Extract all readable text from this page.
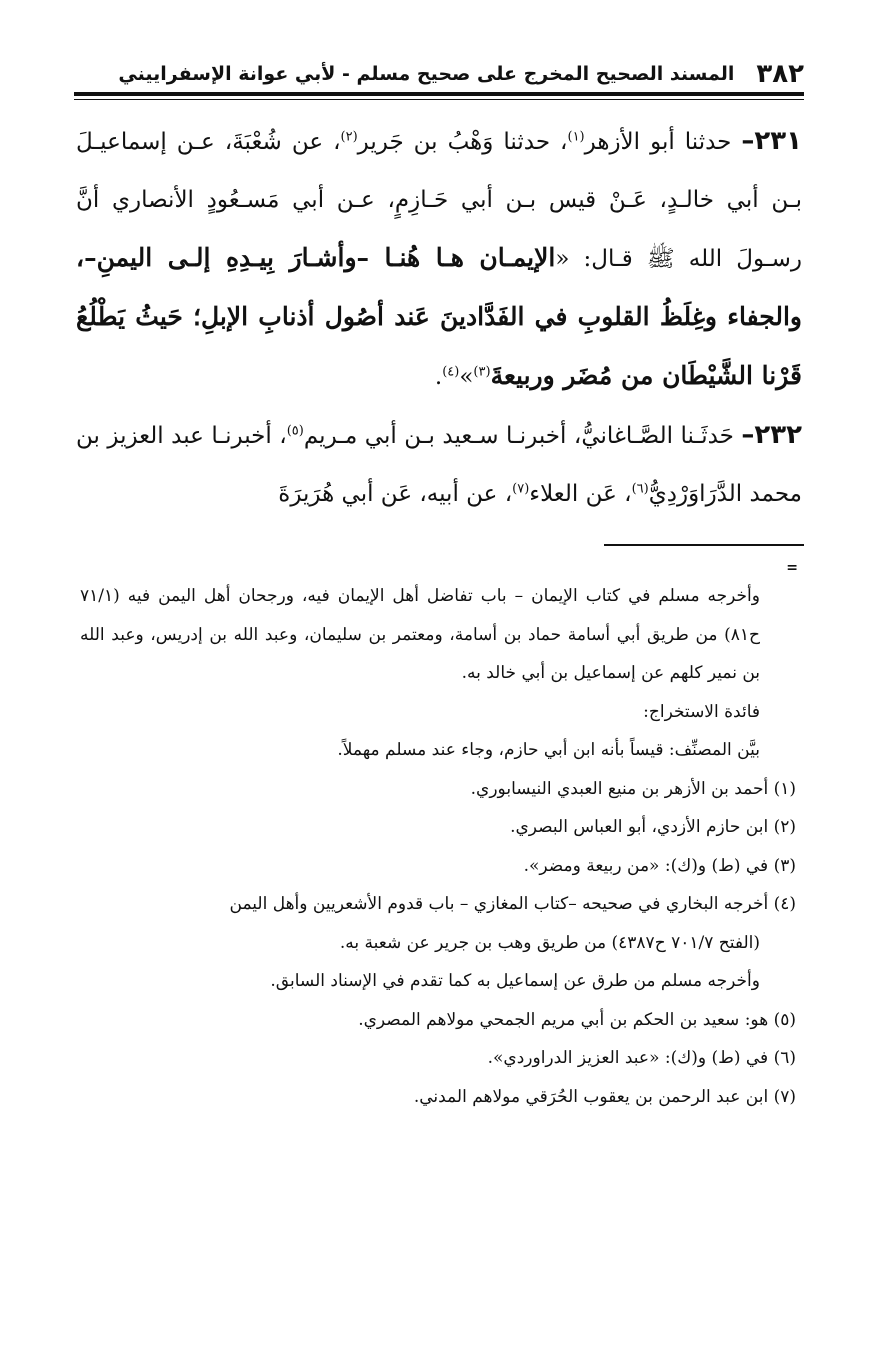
٣٨٢
المسند الصحيح المخرج على صحيح مسلم - لأبي عوانة الإسفراييني

٢٣١– حدثنا أبو الأزهر$^{(١)}$، حدثنا وَهْبُ بن جَرير$^{(٢)}$، عن شُعْبَةَ، عـن إسماعيـلَ بـن أبي خالـدٍ، عَـنْ قيس بـن أبي حَـازِمٍ، عـن أبي مَسـعُودٍ الأنصاري أنَّ رسـولَ الله ﷺ قـال: «الإيمـان هـا هُنـا –وأشـارَ بِيـدِهِ إلـى اليمنِ–، والجفاء وغِلَظُ القلوبِ في الفَدَّادينَ عَند أصُول أذنابِ الإبلِ؛ حَيثُ يَطْلُعُ قَرْنا الشَّيْطَان من مُضَر وربيعةَ$^{(٣)}$»$^{(٤)}$.

٢٣٢– حَدثَـنا الصَّـاغانيُّ، أخبرنـا سـعيد بـن أبي مـريم$^{(٥)}$، أخبرنـا عبد العزيز بن محمد الدَّرَاوَرْدِيُّ$^{(٦)}$، عَن العلاء$^{(٧)}$، عن أبيه، عَن أبي هُرَيرَةَ

=

وأخرجه مسلم في كتاب الإيمان – باب تفاضل أهل الإيمان فيه، ورجحان أهل اليمن فيه (٧١/١ ح٨١) من طريق أبي أسامة حماد بن أسامة، ومعتمر بن سليمان، وعبد الله بن إدريس، وعبد الله بن نمير كلهم عن إسماعيل بن أبي خالد به.

فائدة الاستخراج:

بيَّن المصنِّف: قيساً بأنه ابن أبي حازم، وجاء عند مسلم مهملاً.

(١) أحمد بن الأزهر بن منيع العبدي النيسابوري.

(٢) ابن حازم الأزدي، أبو العباس البصري.

(٣) في (ط) و(ك): «من ربيعة ومضر».

(٤) أخرجه البخاري في صحيحه –كتاب المغازي – باب قدوم الأشعريين وأهل اليمن

(الفتح ٧٠١/٧ ح٤٣٨٧) من طريق وهب بن جرير عن شعبة به.

وأخرجه مسلم من طرق عن إسماعيل به كما تقدم في الإسناد السابق.

(٥) هو: سعيد بن الحكم بن أبي مريم الجمحي مولاهم المصري.

(٦) في (ط) و(ك): «عبد العزيز الدراوردي».

(٧) ابن عبد الرحمن بن يعقوب الحُرَقي مولاهم المدني.
